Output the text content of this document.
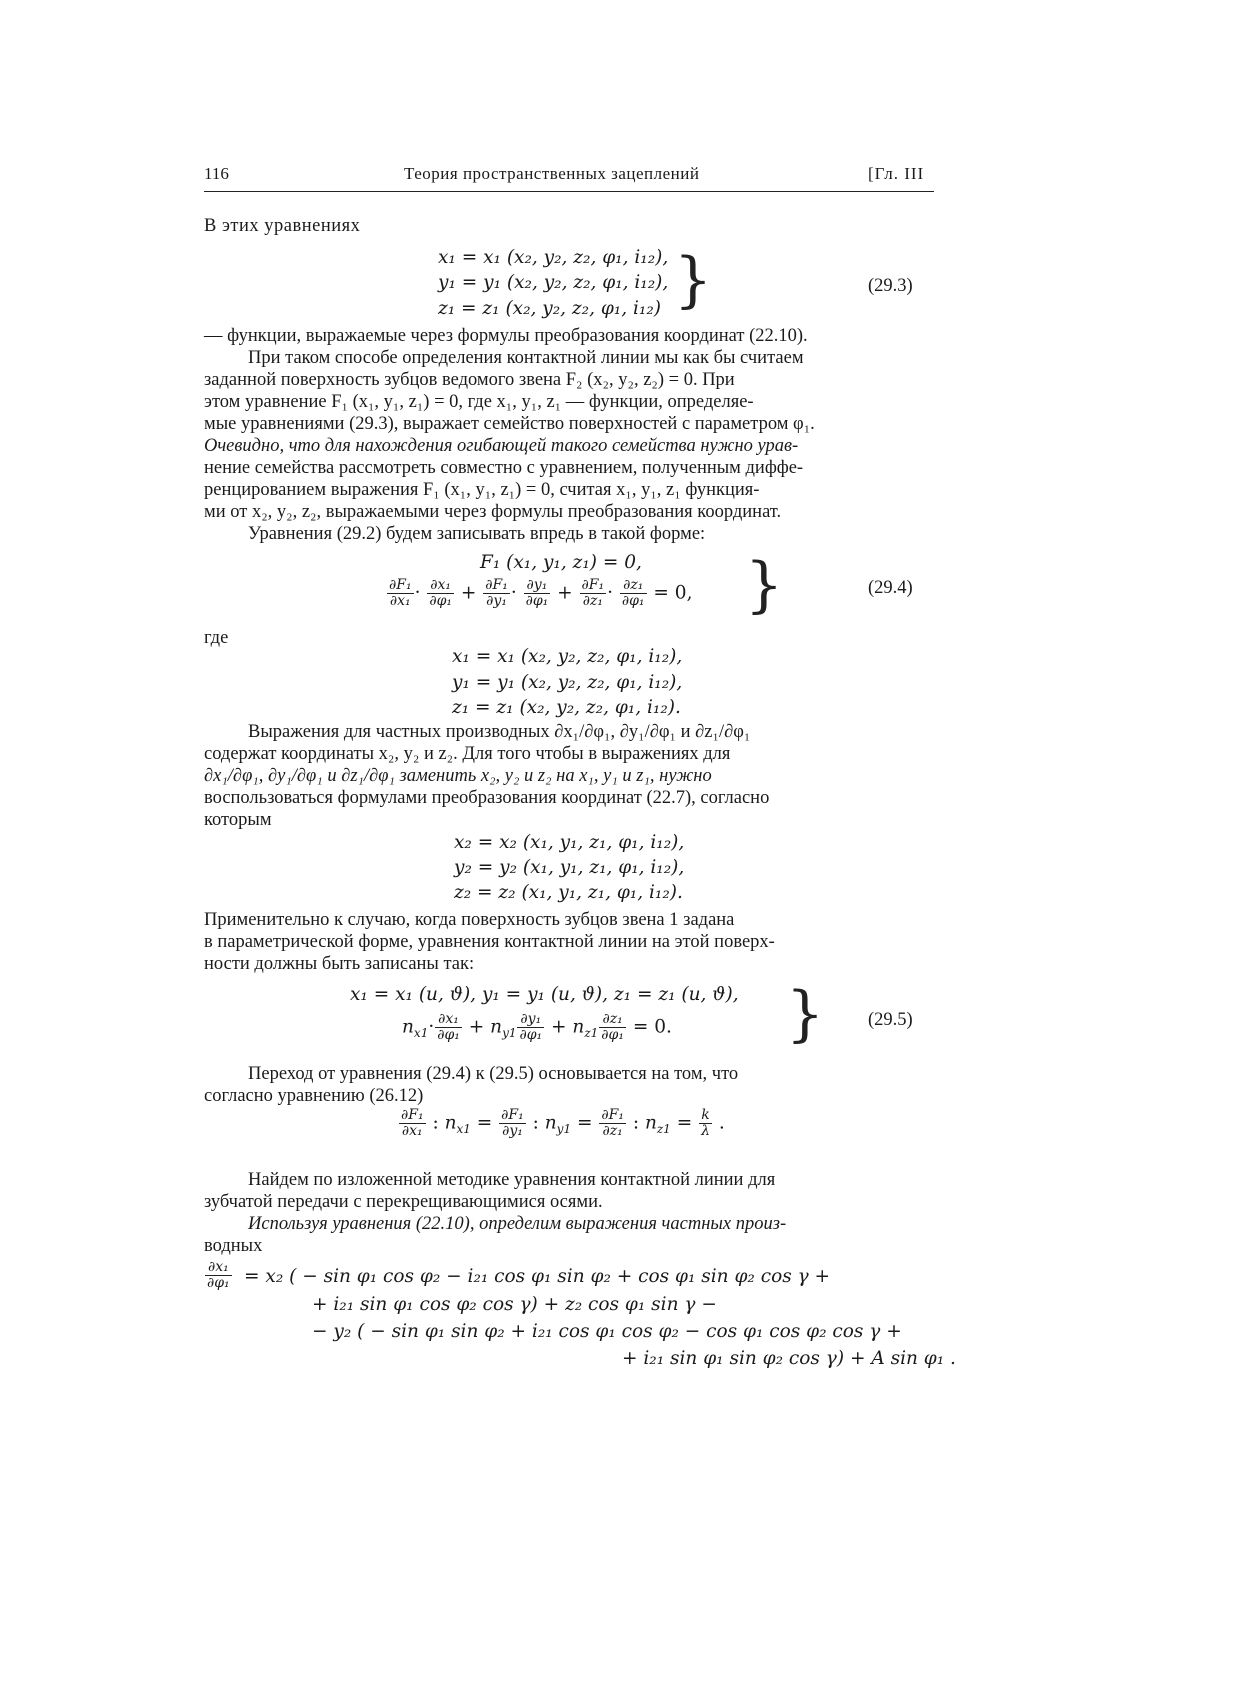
116	Теория пространственных зацеплений	[Гл. III
В этих уравнениях
x₁ = x₁ (x₂, y₂, z₂, φ₁, i₁₂),
y₁ = y₁ (x₂, y₂, z₂, φ₁, i₁₂),
z₁ = z₁ (x₂, y₂, z₂, φ₁, i₁₂) }	(29.3)
— функции, выражаемые через формулы преобразования координат (22.10).
При таком способе определения контактной линии мы как бы считаем
заданной поверхность зубцов ведомого звена F₂ (x₂, y₂, z₂) = 0. При
этом уравнение F₁ (x₁, y₁, z₁) = 0, где x₁, y₁, z₁ — функции, определяе-
мые уравнениями (29.3), выражает семейство поверхностей с параметром φ₁.
Очевидно, что для нахождения огибающей такого семейства нужно урав-
нение семейства рассмотреть совместно с уравнением, полученным диффе-
ренцированием выражения F₁ (x₁, y₁, z₁) = 0, считая x₁, y₁, z₁ функция-
ми от x₂, y₂, z₂, выражаемыми через формулы преобразования координат.
Уравнения (29.2) будем записывать впредь в такой форме:
F₁ (x₁, y₁, z₁) = 0,
$\frac{\text{∂F₁}}{\text{∂x₁}} \cdot \frac{\text{∂x₁}}{\text{∂φ₁}} + \frac{\text{∂F₁}}{\text{∂y₁}} \cdot \frac{\text{∂y₁}}{\text{∂φ₁}} + \frac{\text{∂F₁}}{\text{∂z₁}} \cdot \frac{\text{∂z₁}}{\text{∂φ₁}} = 0$, }	(29.4)
где
x₁ = x₁ (x₂, y₂, z₂, φ₁, i₁₂),
y₁ = y₁ (x₂, y₂, z₂, φ₁, i₁₂),
z₁ = z₁ (x₂, y₂, z₂, φ₁, i₁₂).
Выражения для частных производных ∂x₁/∂φ₁, ∂y₁/∂φ₁ и ∂z₁/∂φ₁
содержат координаты x₂, y₂ и z₂. Для того чтобы в выражениях для
∂x₁/∂φ₁, ∂y₁/∂φ₁ и ∂z₁/∂φ₁ заменить x₂, y₂ и z₂ на x₁, y₁ и z₁, нужно
воспользоваться формулами преобразования координат (22.7), согласно
которым
x₂ = x₂ (x₁, y₁, z₁, φ₁, i₁₂),
y₂ = y₂ (x₁, y₁, z₁, φ₁, i₁₂),
z₂ = z₂ (x₁, y₁, z₁, φ₁, i₁₂).
Применительно к случаю, когда поверхность зубцов звена 1 задана
в параметрической форме, уравнения контактной линии на этой поверх-
ности должны быть записаны так:
x₁ = x₁ (u, ϑ), y₁ = y₁ (u, ϑ), z₁ = z₁ (u, ϑ),
$n_{x1}\cdot \frac{\text{∂x₁}}{\text{∂φ₁}} + n_{y1} \frac{\text{∂y₁}}{\text{∂φ₁}} + n_{z1} \frac{\text{∂z₁}}{\text{∂φ₁}} = 0$. } (29.5)
Переход от уравнения (29.4) к (29.5) основывается на том, что
согласно уравнению (26.12)
$\frac{\text{∂F₁}}{\text{∂x₁}}$ : $n_{x1} = \frac{\text{∂F₁}}{\text{∂y₁}}$ : $n_{y1} = \frac{\text{∂F₁}}{\text{∂z₁}}$ : $n_{z1} = \frac{k}{\lambda}$ .
Найдем по изложенной методике уравнения контактной линии для
зубчатой передачи с перекрещивающимися осями.
Используя уравнения (22.10), определим выражения частных произ-
водных
$\frac{\text{∂x₁}}{\text{∂φ₁}} = x_2$ ( − sin φ₁ cos φ₂ − i₂₁ cos φ₁ sin φ₂ + cos φ₁ sin φ₂ cos γ +
+ i₂₁ sin φ₁ cos φ₂ cos γ) + z₂ cos φ₁ sin γ −
− y₂ ( − sin φ₁ sin φ₂ + i₂₁ cos φ₁ cos φ₂ − cos φ₁ cos φ₂ cos γ +
+ i₂₁ sin φ₁ sin φ₂ cos γ) + A sin φ₁ .
